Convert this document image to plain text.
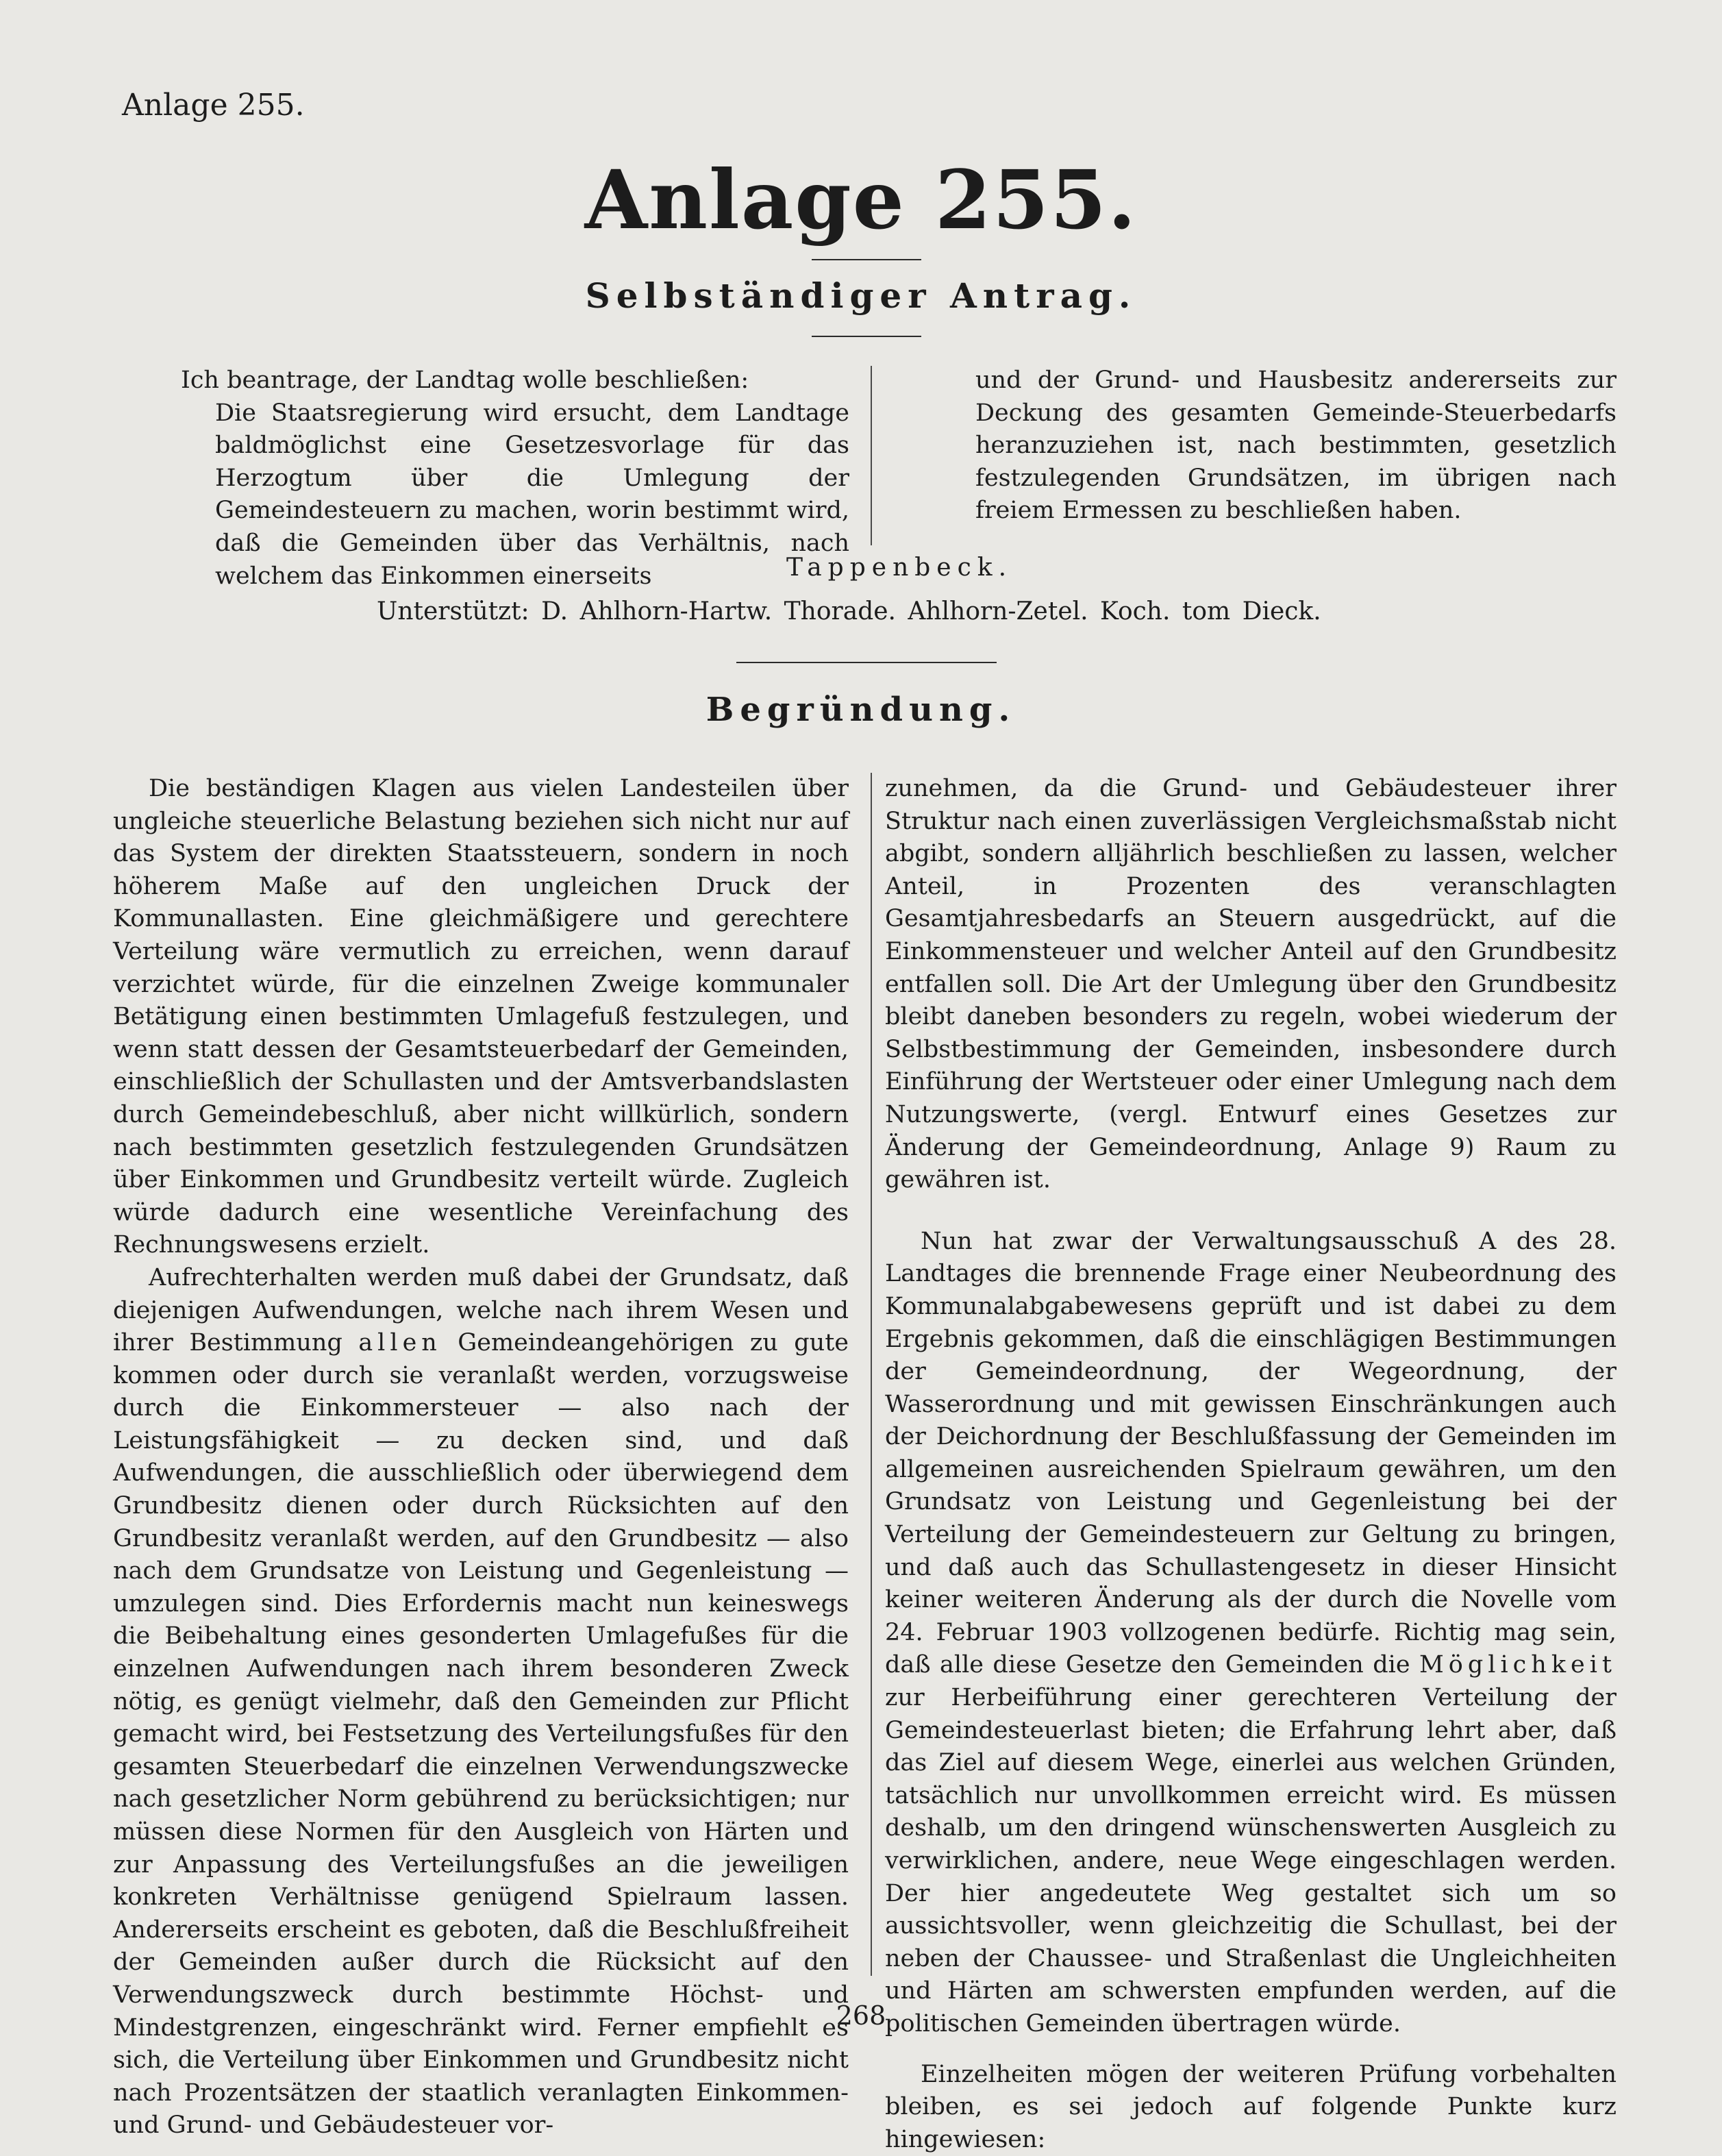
Anlage 255.
Anlage 255.
Selbständiger Antrag.

Ich beantrage, der Landtag wolle beschließen:

Die Staatsregierung wird ersucht, dem Landtage baldmöglichst eine Gesetzesvorlage für das Herzogtum über die Umlegung der Gemeindesteuern zu machen, worin bestimmt wird, daß die Gemeinden über das Verhältnis, nach welchem das Einkommen einerseits

und der Grund- und Hausbesitz andererseits zur Deckung des gesamten Gemeinde-Steuerbedarfs heranzuziehen ist, nach bestimmten, gesetzlich festzulegenden Grundsätzen, im übrigen nach freiem Ermessen zu beschließen haben.

Tappenbeck.
Unterstützt: D. Ahlhorn-Hartw. Thorade. Ahlhorn-Zetel. Koch. tom Dieck.
Begründung.

Die beständigen Klagen aus vielen Landesteilen über ungleiche steuerliche Belastung beziehen sich nicht nur auf das System der direkten Staatssteuern, sondern in noch höherem Maße auf den ungleichen Druck der Kommunallasten. Eine gleichmäßigere und gerechtere Verteilung wäre vermutlich zu erreichen, wenn darauf verzichtet würde, für die einzelnen Zweige kommunaler Betätigung einen bestimmten Umlagefuß festzulegen, und wenn statt dessen der Gesamtsteuerbedarf der Gemeinden, einschließlich der Schullasten und der Amtsverbandslasten durch Gemeindebeschluß, aber nicht willkürlich, sondern nach bestimmten gesetzlich festzulegenden Grundsätzen über Einkommen und Grundbesitz verteilt würde. Zugleich würde dadurch eine wesentliche Vereinfachung des Rechnungswesens erzielt.

Aufrechterhalten werden muß dabei der Grundsatz, daß diejenigen Aufwendungen, welche nach ihrem Wesen und ihrer Bestimmung allen Gemeindeangehörigen zu gute kommen oder durch sie veranlaßt werden, vorzugsweise durch die Einkommersteuer — also nach der Leistungsfähigkeit — zu decken sind, und daß Aufwendungen, die ausschließlich oder überwiegend dem Grundbesitz dienen oder durch Rücksichten auf den Grundbesitz veranlaßt werden, auf den Grundbesitz — also nach dem Grundsatze von Leistung und Gegenleistung — umzulegen sind. Dies Erfordernis macht nun keineswegs die Beibehaltung eines gesonderten Umlagefußes für die einzelnen Aufwendungen nach ihrem besonderen Zweck nötig, es genügt vielmehr, daß den Gemeinden zur Pflicht gemacht wird, bei Festsetzung des Verteilungsfußes für den gesamten Steuerbedarf die einzelnen Verwendungszwecke nach gesetzlicher Norm gebührend zu berücksichtigen; nur müssen diese Normen für den Ausgleich von Härten und zur Anpassung des Verteilungsfußes an die jeweiligen konkreten Verhältnisse genügend Spielraum lassen. Andererseits erscheint es geboten, daß die Beschlußfreiheit der Gemeinden außer durch die Rücksicht auf den Verwendungszweck durch bestimmte Höchst- und Mindestgrenzen, eingeschränkt wird. Ferner empfiehlt es sich, die Verteilung über Einkommen und Grundbesitz nicht nach Prozentsätzen der staatlich veranlagten Einkommen- und Grund- und Gebäudesteuer vor-

zunehmen, da die Grund- und Gebäudesteuer ihrer Struktur nach einen zuverlässigen Vergleichsmaßstab nicht abgibt, sondern alljährlich beschließen zu lassen, welcher Anteil, in Prozenten des veranschlagten Gesamtjahresbedarfs an Steuern ausgedrückt, auf die Einkommensteuer und welcher Anteil auf den Grundbesitz entfallen soll. Die Art der Umlegung über den Grundbesitz bleibt daneben besonders zu regeln, wobei wiederum der Selbstbestimmung der Gemeinden, insbesondere durch Einführung der Wertsteuer oder einer Umlegung nach dem Nutzungswerte, (vergl. Entwurf eines Gesetzes zur Änderung der Gemeindeordnung, Anlage 9) Raum zu gewähren ist.

Nun hat zwar der Verwaltungsausschuß A des 28. Landtages die brennende Frage einer Neubeordnung des Kommunalabgabewesens geprüft und ist dabei zu dem Ergebnis gekommen, daß die einschlägigen Bestimmungen der Gemeindeordnung, der Wegeordnung, der Wasserordnung und mit gewissen Einschränkungen auch der Deichordnung der Beschlußfassung der Gemeinden im allgemeinen ausreichenden Spielraum gewähren, um den Grundsatz von Leistung und Gegenleistung bei der Verteilung der Gemeindesteuern zur Geltung zu bringen, und daß auch das Schullastengesetz in dieser Hinsicht keiner weiteren Änderung als der durch die Novelle vom 24. Februar 1903 vollzogenen bedürfe. Richtig mag sein, daß alle diese Gesetze den Gemeinden die Möglichkeit zur Herbeiführung einer gerechteren Verteilung der Gemeindesteuerlast bieten; die Erfahrung lehrt aber, daß das Ziel auf diesem Wege, einerlei aus welchen Gründen, tatsächlich nur unvollkommen erreicht wird. Es müssen deshalb, um den dringend wünschenswerten Ausgleich zu verwirklichen, andere, neue Wege eingeschlagen werden. Der hier angedeutete Weg gestaltet sich um so aussichtsvoller, wenn gleichzeitig die Schullast, bei der neben der Chaussee- und Straßenlast die Ungleichheiten und Härten am schwersten empfunden werden, auf die politischen Gemeinden übertragen würde.

Einzelheiten mögen der weiteren Prüfung vorbehalten bleiben, es sei jedoch auf folgende Punkte kurz hingewiesen:

268
